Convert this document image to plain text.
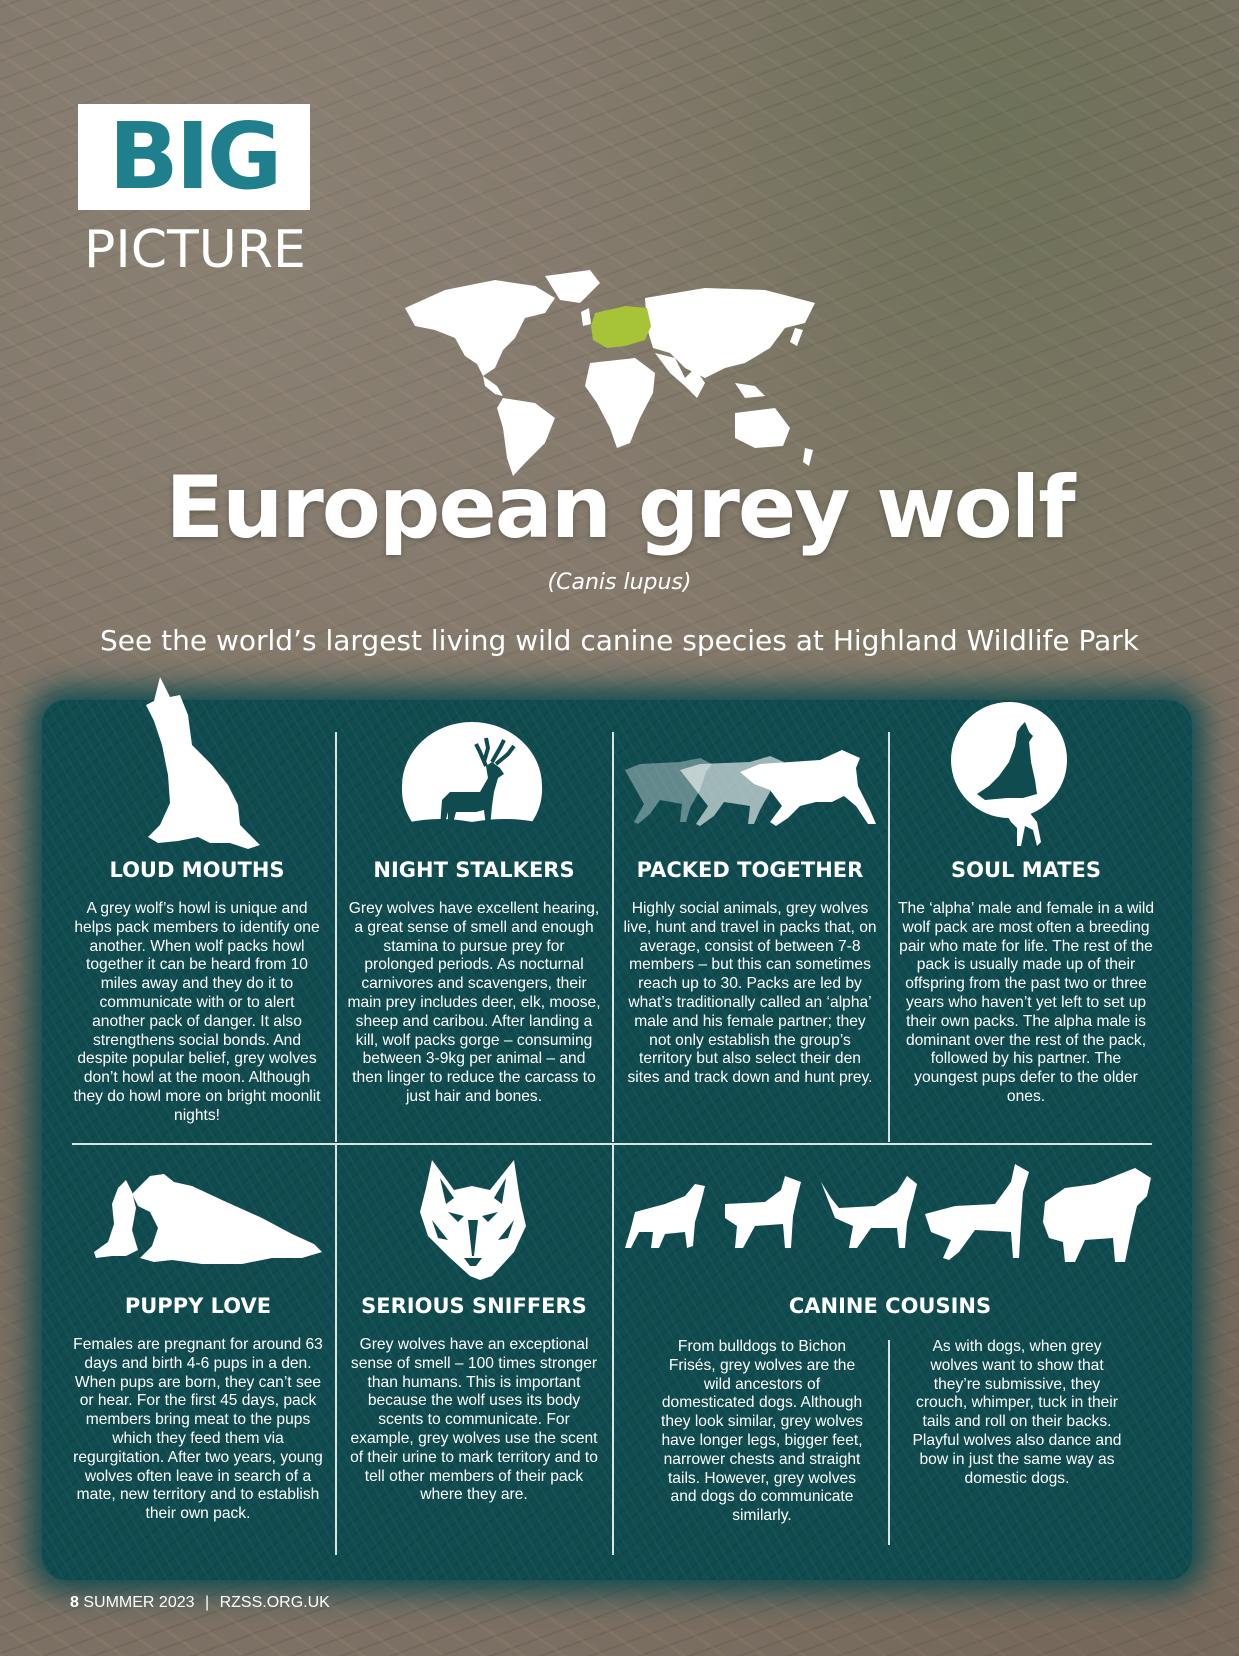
BIG
PICTURE
European grey wolf
(Canis lupus)
See the world’s largest living wild canine species at Highland Wildlife Park
LOUD MOUTHS

A grey wolf’s howl is unique and helps pack members to identify one another. When wolf packs howl together it can be heard from 10 miles away and they do it to communicate with or to alert another pack of danger. It also strengthens social bonds. And despite popular belief, grey wolves don’t howl at the moon. Although they do howl more on bright moonlit nights!

NIGHT STALKERS

Grey wolves have excellent hearing, a great sense of smell and enough stamina to pursue prey for prolonged periods. As nocturnal carnivores and scavengers, their main prey includes deer, elk, moose, sheep and caribou. After landing a kill, wolf packs gorge – consuming between 3-9kg per animal – and then linger to reduce the carcass to just hair and bones.

PACKED TOGETHER

Highly social animals, grey wolves live, hunt and travel in packs that, on average, consist of between 7-8 members – but this can sometimes reach up to 30. Packs are led by what’s traditionally called an ‘alpha’ male and his female partner; they not only establish the group’s territory but also select their den sites and track down and hunt prey.

SOUL MATES

The ‘alpha’ male and female in a wild wolf pack are most often a breeding pair who mate for life. The rest of the pack is usually made up of their offspring from the past two or three years who haven’t yet left to set up their own packs. The alpha male is dominant over the rest of the pack, followed by his partner. The youngest pups defer to the older ones.

PUPPY LOVE

Females are pregnant for around 63 days and birth 4-6 pups in a den. When pups are born, they can’t see or hear. For the first 45 days, pack members bring meat to the pups which they feed them via regurgitation. After two years, young wolves often leave in search of a mate, new territory and to establish their own pack.

SERIOUS SNIFFERS

Grey wolves have an exceptional sense of smell – 100 times stronger than humans. This is important because the wolf uses its body scents to communicate. For example, grey wolves use the scent of their urine to mark territory and to tell other members of their pack where they are.

CANINE COUSINS

From bulldogs to Bichon Frisés, grey wolves are the wild ancestors of domesticated dogs. Although they look similar, grey wolves have longer legs, bigger feet, narrower chests and straight tails. However, grey wolves and dogs do communicate similarly.

As with dogs, when grey wolves want to show that they’re submissive, they crouch, whimper, tuck in their tails and roll on their backs. Playful wolves also dance and bow in just the same way as domestic dogs.

8 SUMMER 2023 | RZSS.ORG.UK
